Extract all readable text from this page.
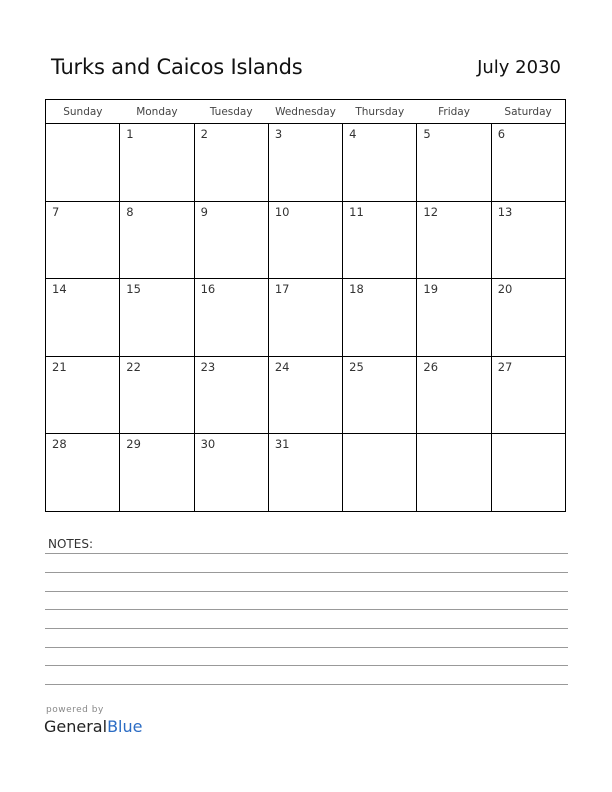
Turks and Caicos Islands	July 2030
Sunday	Monday	Tuesday	Wednesday	Thursday	Friday	Saturday

	1	2	3	4	5	6

7	8	9	10	11	12	13

14	15	16	17	18	19	20

21	22	23	24	25	26	27

28	29	30	31			

NOTES:
powered by
GeneralBlue
